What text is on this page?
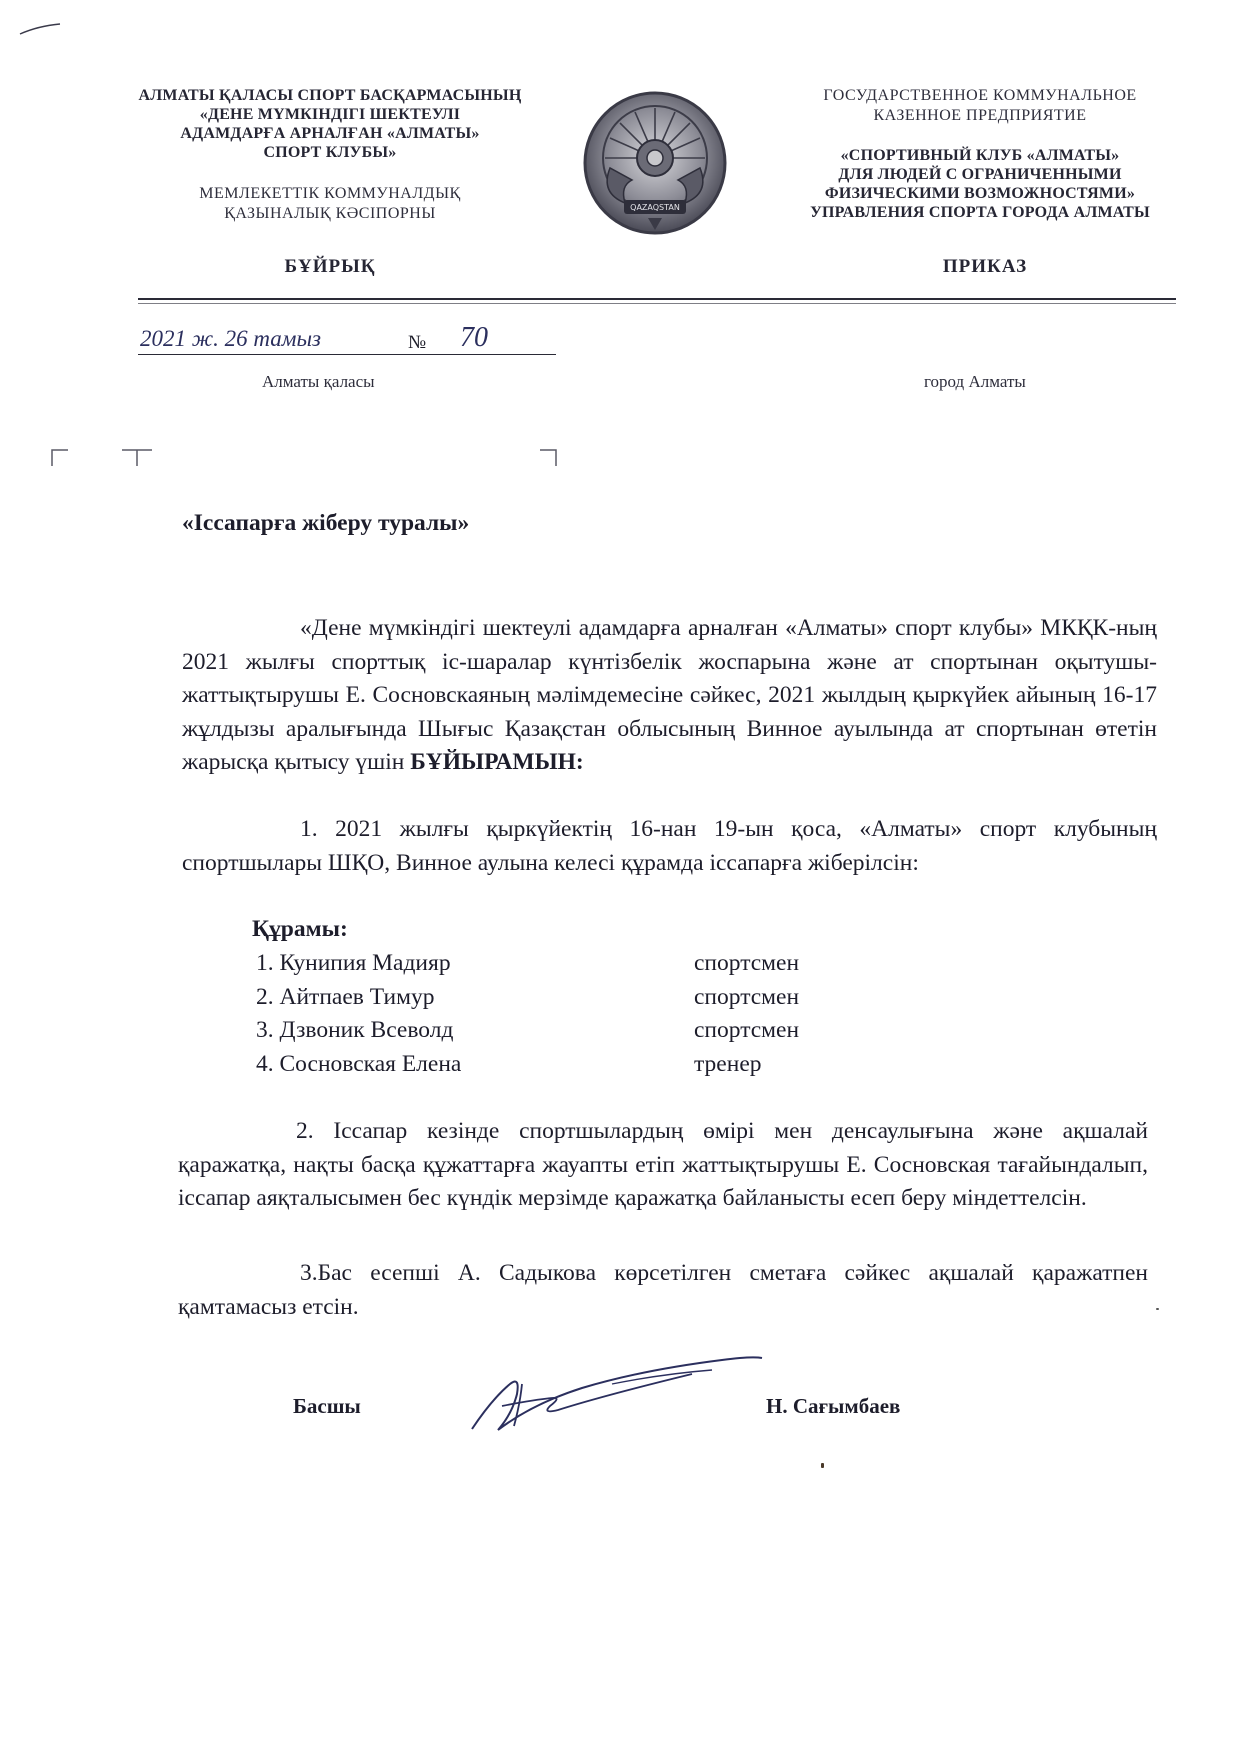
АЛМАТЫ ҚАЛАСЫ СПОРТ БАСҚАРМАСЫНЫҢ
«ДЕНЕ МҮМКІНДІГІ ШЕКТЕУЛІ
АДАМДАРҒА АРНАЛҒАН «АЛМАТЫ»
СПОРТ КЛУБЫ»
МЕМЛЕКЕТТІК КОММУНАЛДЫҚ
ҚАЗЫНАЛЫҚ КӘСІПОРНЫ
БҰЙРЫҚ
QAZAQSTAN
ГОСУДАРСТВЕННОЕ КОММУНАЛЬНОЕ
КАЗЕННОЕ ПРЕДПРИЯТИЕ
«СПОРТИВНЫЙ КЛУБ «АЛМАТЫ»
ДЛЯ ЛЮДЕЙ С ОГРАНИЧЕННЫМИ
ФИЗИЧЕСКИМИ ВОЗМОЖНОСТЯМИ»
УПРАВЛЕНИЯ СПОРТА ГОРОДА АЛМАТЫ
ПРИКАЗ
2021 ж. 26 тамыз	№ 70
Алматы қаласы	город Алматы
«Іссапарға жіберу туралы»
«Дене мүмкіндігі шектеулі адамдарға арналған «Алматы» спорт клубы» МКҚК-ның 2021 жылғы спорттық іс-шаралар күнтізбелік жоспарына және ат спортынан оқытушы-жаттықтырушы Е. Сосновскаяның мәлімдемесіне сәйкес, 2021 жылдың қыркүйек айының 16-17 жұлдызы аралығында Шығыс Қазақстан облысының Винное ауылында ат спортынан өтетін жарысқа қытысу үшін БҰЙЫРАМЫН:
1. 2021 жылғы қыркүйектің 16-нан 19-ын қоса, «Алматы» спорт клубының спортшылары ШҚО, Винное аулына келесі құрамда іссапарға жіберілсін:
Құрамы:
1. Кунипия Мадияр	спортсмен
2. Айтпаев Тимур	спортсмен
3. Дзвоник Всеволд	спортсмен
4. Сосновская Елена	тренер
2. Іссапар кезінде спортшылардың өмірі мен денсаулығына және ақшалай қаражатқа, нақты басқа құжаттарға жауапты етіп жаттықтырушы Е. Сосновская тағайындалып, іссапар аяқталысымен бес күндік мерзімде қаражатқа байланысты есеп беру міндеттелсін.
3.Бас есепші А. Садыкова көрсетілген сметаға сәйкес ақшалай қаражатпен қамтамасыз етсін.
Басшы	Н. Сағымбаев
